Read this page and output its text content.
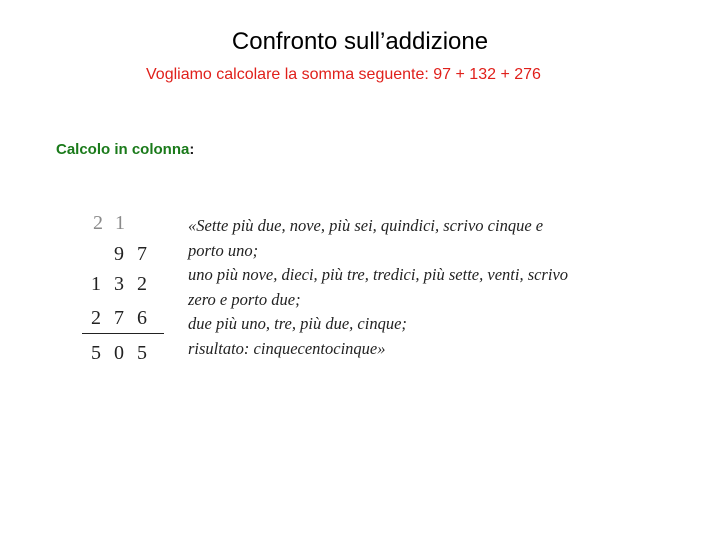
Confronto sull’addizione
Vogliamo calcolare la somma seguente: 97 + 132 + 276
Calcolo in colonna:
2 1
9 7
1 3 2
2 7 6
5 0 5
«Sette più due, nove, più sei, quindici, scrivo cinque e
porto uno;
uno più nove, dieci, più tre, tredici, più sette, venti, scrivo
zero e porto due;
due più uno, tre, più due, cinque;
risultato: cinquecentocinque»
